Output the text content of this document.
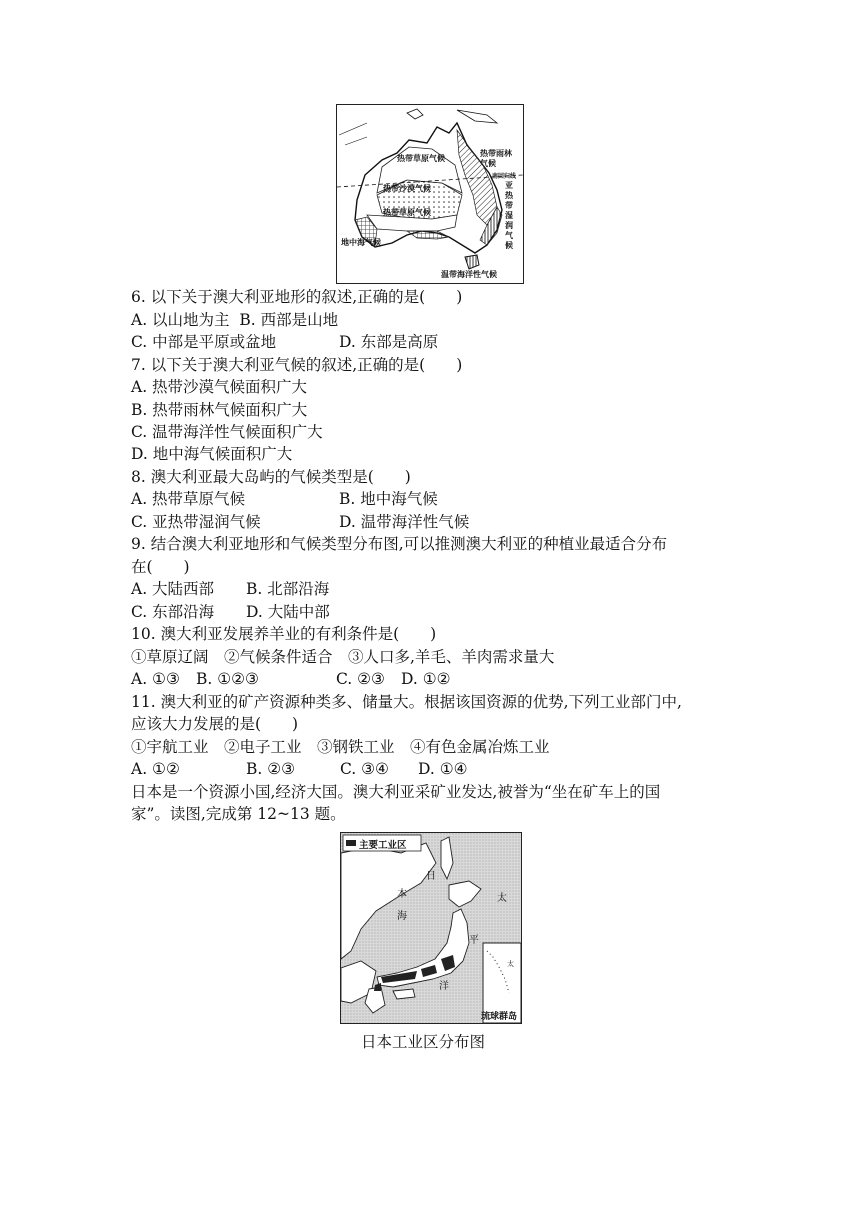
热带草原气候
热带雨林气候
南回归线
热带沙漠气候	亚热带湿润气候
热带草原气候
地中海气候
温带海洋性气候
6. 以下关于澳大利亚地形的叙述,正确的是(　　)
A. 以山地为主 B. 西部是山地
C. 中部是平原或盆地	D. 东部是高原
7. 以下关于澳大利亚气候的叙述,正确的是(　　)
A. 热带沙漠气候面积广大
B. 热带雨林气候面积广大
C. 温带海洋性气候面积广大
D. 地中海气候面积广大
8. 澳大利亚最大岛屿的气候类型是(　　)
A. 热带草原气候	B. 地中海气候
C. 亚热带湿润气候	D. 温带海洋性气候
9. 结合澳大利亚地形和气候类型分布图,可以推测澳大利亚的种植业最适合分布
在(　　)
A. 大陆西部 B. 北部沿海
C. 东部沿海 D. 大陆中部
10. 澳大利亚发展养羊业的有利条件是(　　)
①草原辽阔　②气候条件适合　③人口多,羊毛、羊肉需求量大
A. ①③ B. ①②③	C. ②③ D. ①②
11. 澳大利亚的矿产资源种类多、储量大。根据该国资源的优势,下列工业部门中,
应该大力发展的是(　　)
①宇航工业　②电子工业　③钢铁工业　④有色金属冶炼工业
A. ①②	B. ②③	C. ③④ D. ①④
日本是一个资源小国,经济大国。澳大利亚采矿业发达,被誉为“坐在矿车上的国
家”。读图,完成第 12~13 题。
主要工业区
日
本
海
太
平
洋
太
琉球群岛
日本工业区分布图
